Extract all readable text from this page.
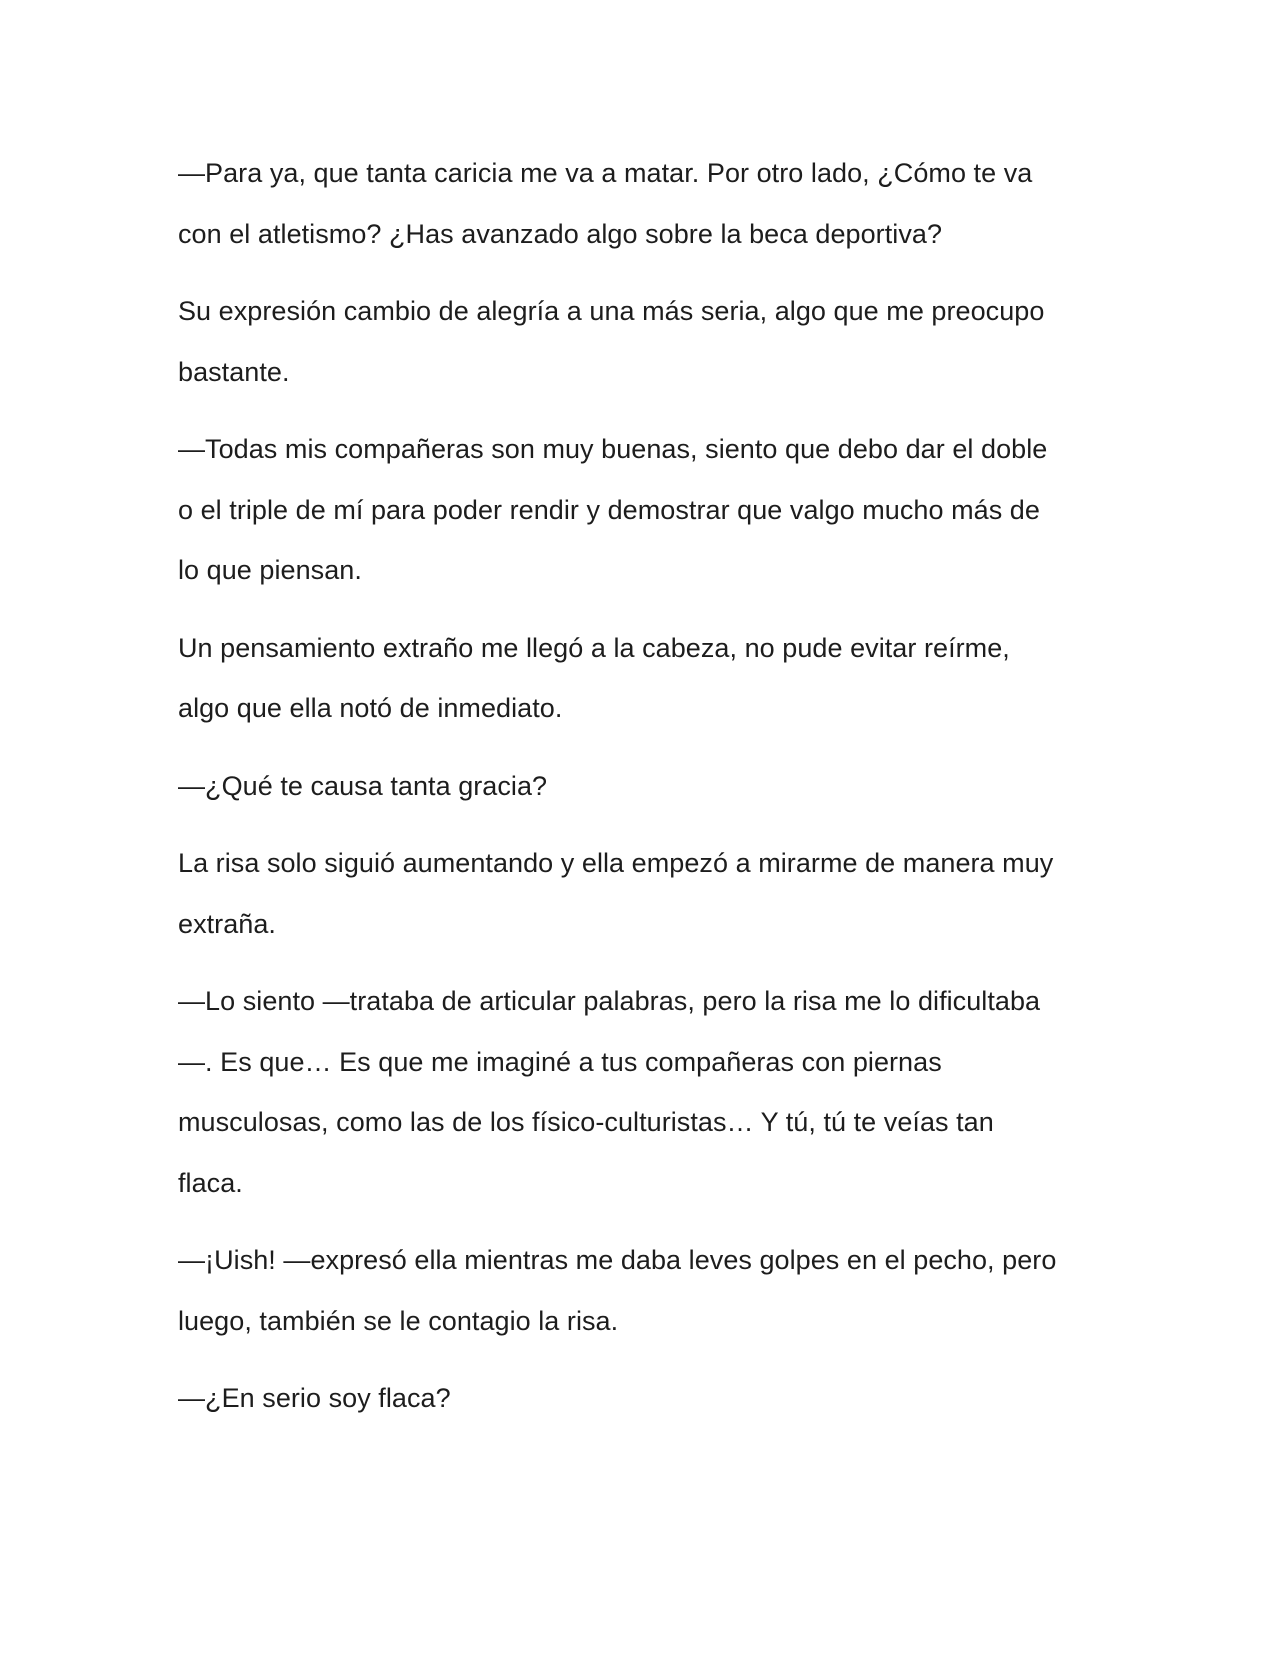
—Para ya, que tanta caricia me va a matar. Por otro lado, ¿Cómo te va
con el atletismo? ¿Has avanzado algo sobre la beca deportiva?

Su expresión cambio de alegría a una más seria, algo que me preocupo
bastante.

—Todas mis compañeras son muy buenas, siento que debo dar el doble
o el triple de mí para poder rendir y demostrar que valgo mucho más de
lo que piensan.

Un pensamiento extraño me llegó a la cabeza, no pude evitar reírme,
algo que ella notó de inmediato.

—¿Qué te causa tanta gracia?

La risa solo siguió aumentando y ella empezó a mirarme de manera muy
extraña.

—Lo siento —trataba de articular palabras, pero la risa me lo dificultaba
—. Es que… Es que me imaginé a tus compañeras con piernas
musculosas, como las de los físico-culturistas… Y tú, tú te veías tan
flaca.

—¡Uish! —expresó ella mientras me daba leves golpes en el pecho, pero
luego, también se le contagio la risa.

—¿En serio soy flaca?
